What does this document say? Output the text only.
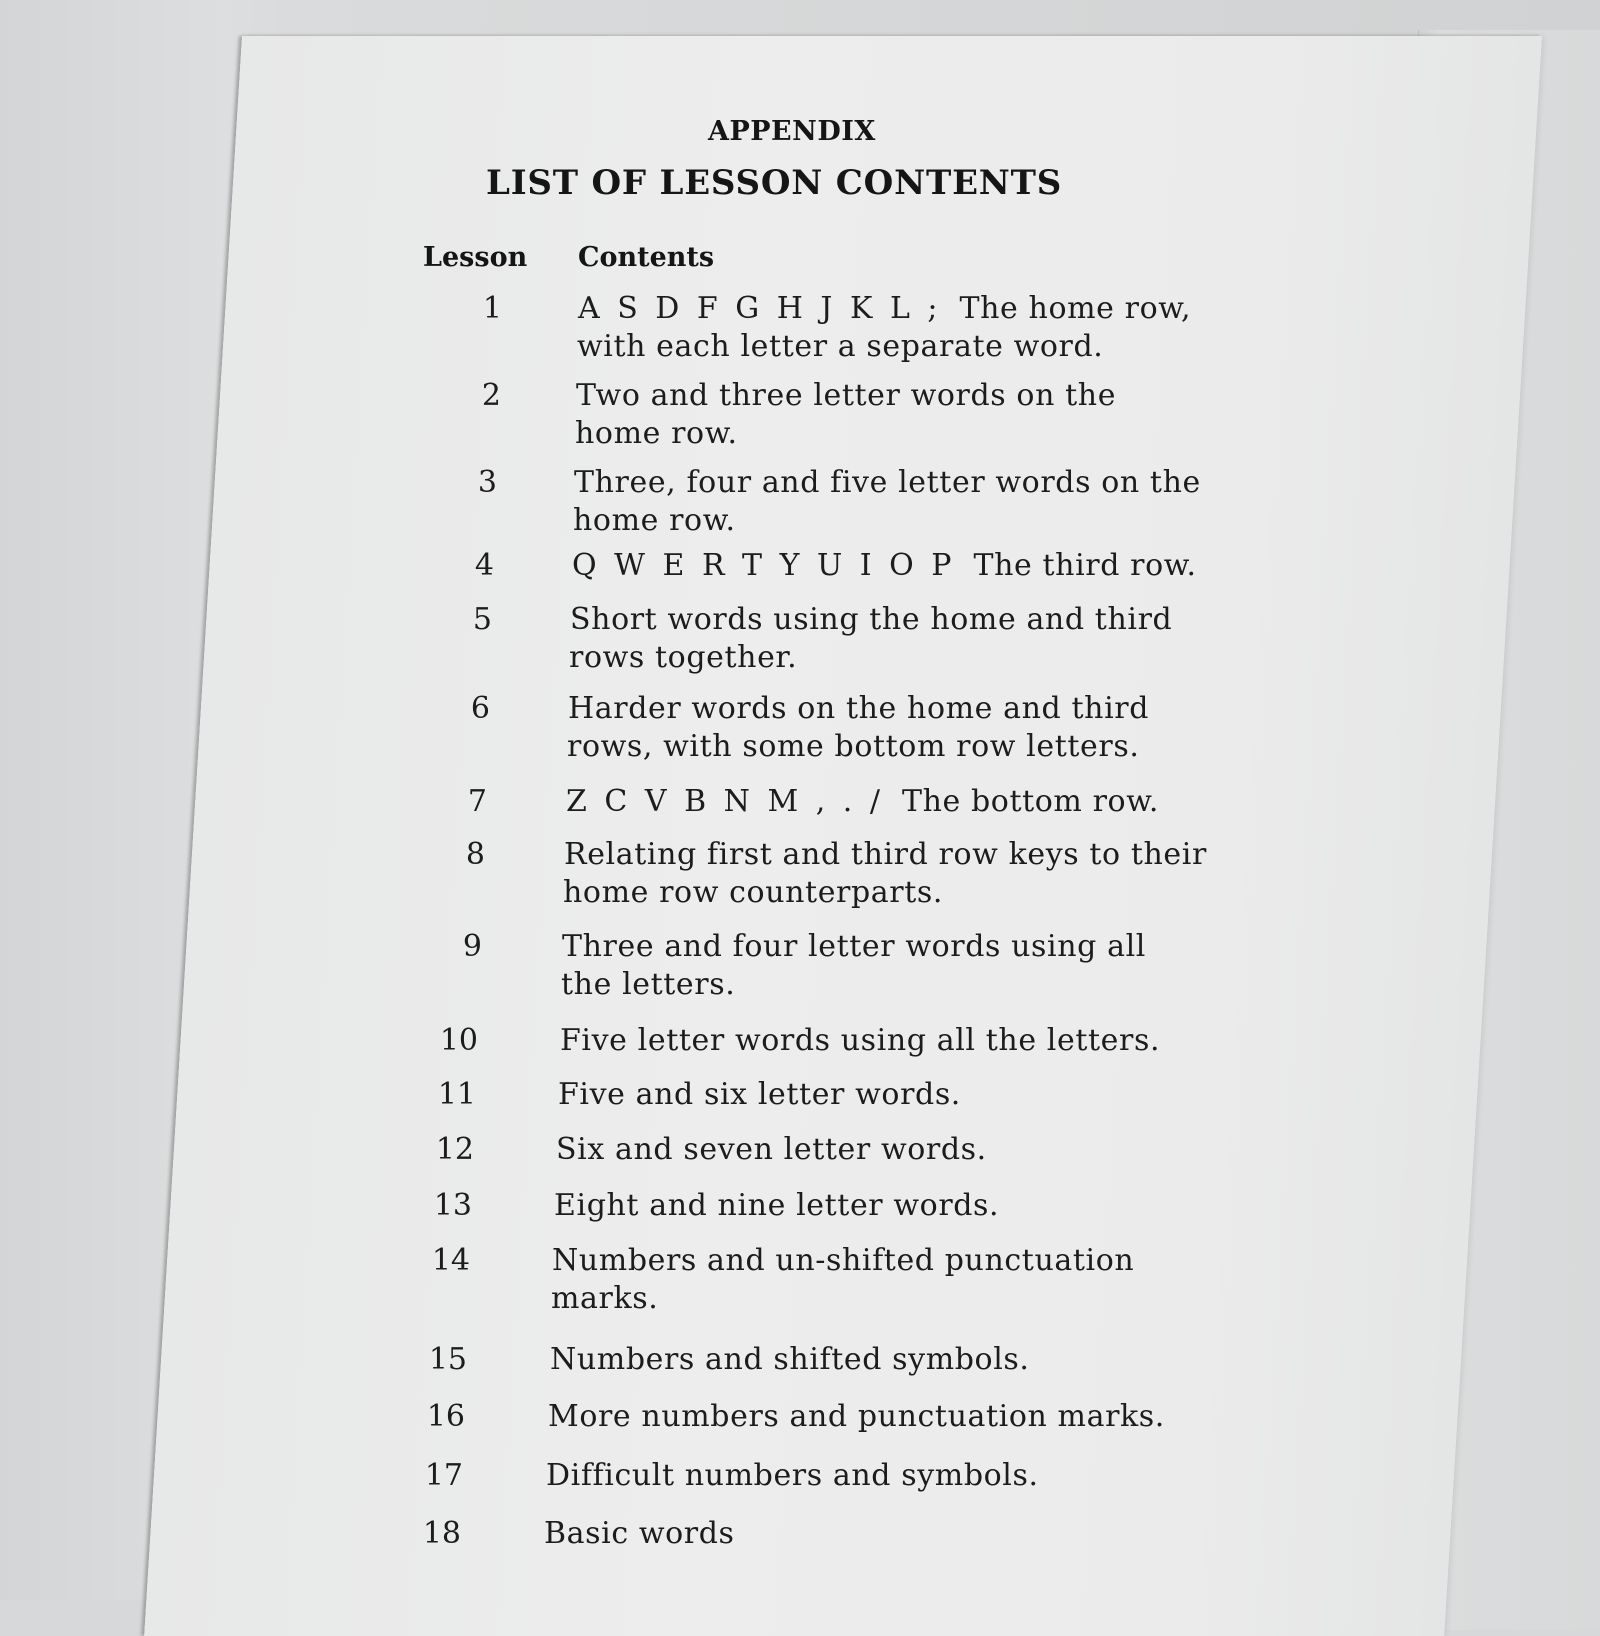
APPENDIX
LIST OF LESSON CONTENTS
Lesson Contents
1	A S D F G H J K L ; The home row,
with each letter a separate word.
2	Two and three letter words on the
home row.
3	Three, four and five letter words on the
home row.
4	Q W E R T Y U I O P The third row.
5	Short words using the home and third
rows together.
6	Harder words on the home and third
rows, with some bottom row letters.
7	Z C V B N M , . / The bottom row.
8	Relating first and third row keys to their
home row counterparts.
9	Three and four letter words using all
the letters.
10	Five letter words using all the letters.
11	Five and six letter words.
12	Six and seven letter words.
13	Eight and nine letter words.
14	Numbers and un-shifted punctuation
marks.
15	Numbers and shifted symbols.
16	More numbers and punctuation marks.
17	Difficult numbers and symbols.
18	Basic words
